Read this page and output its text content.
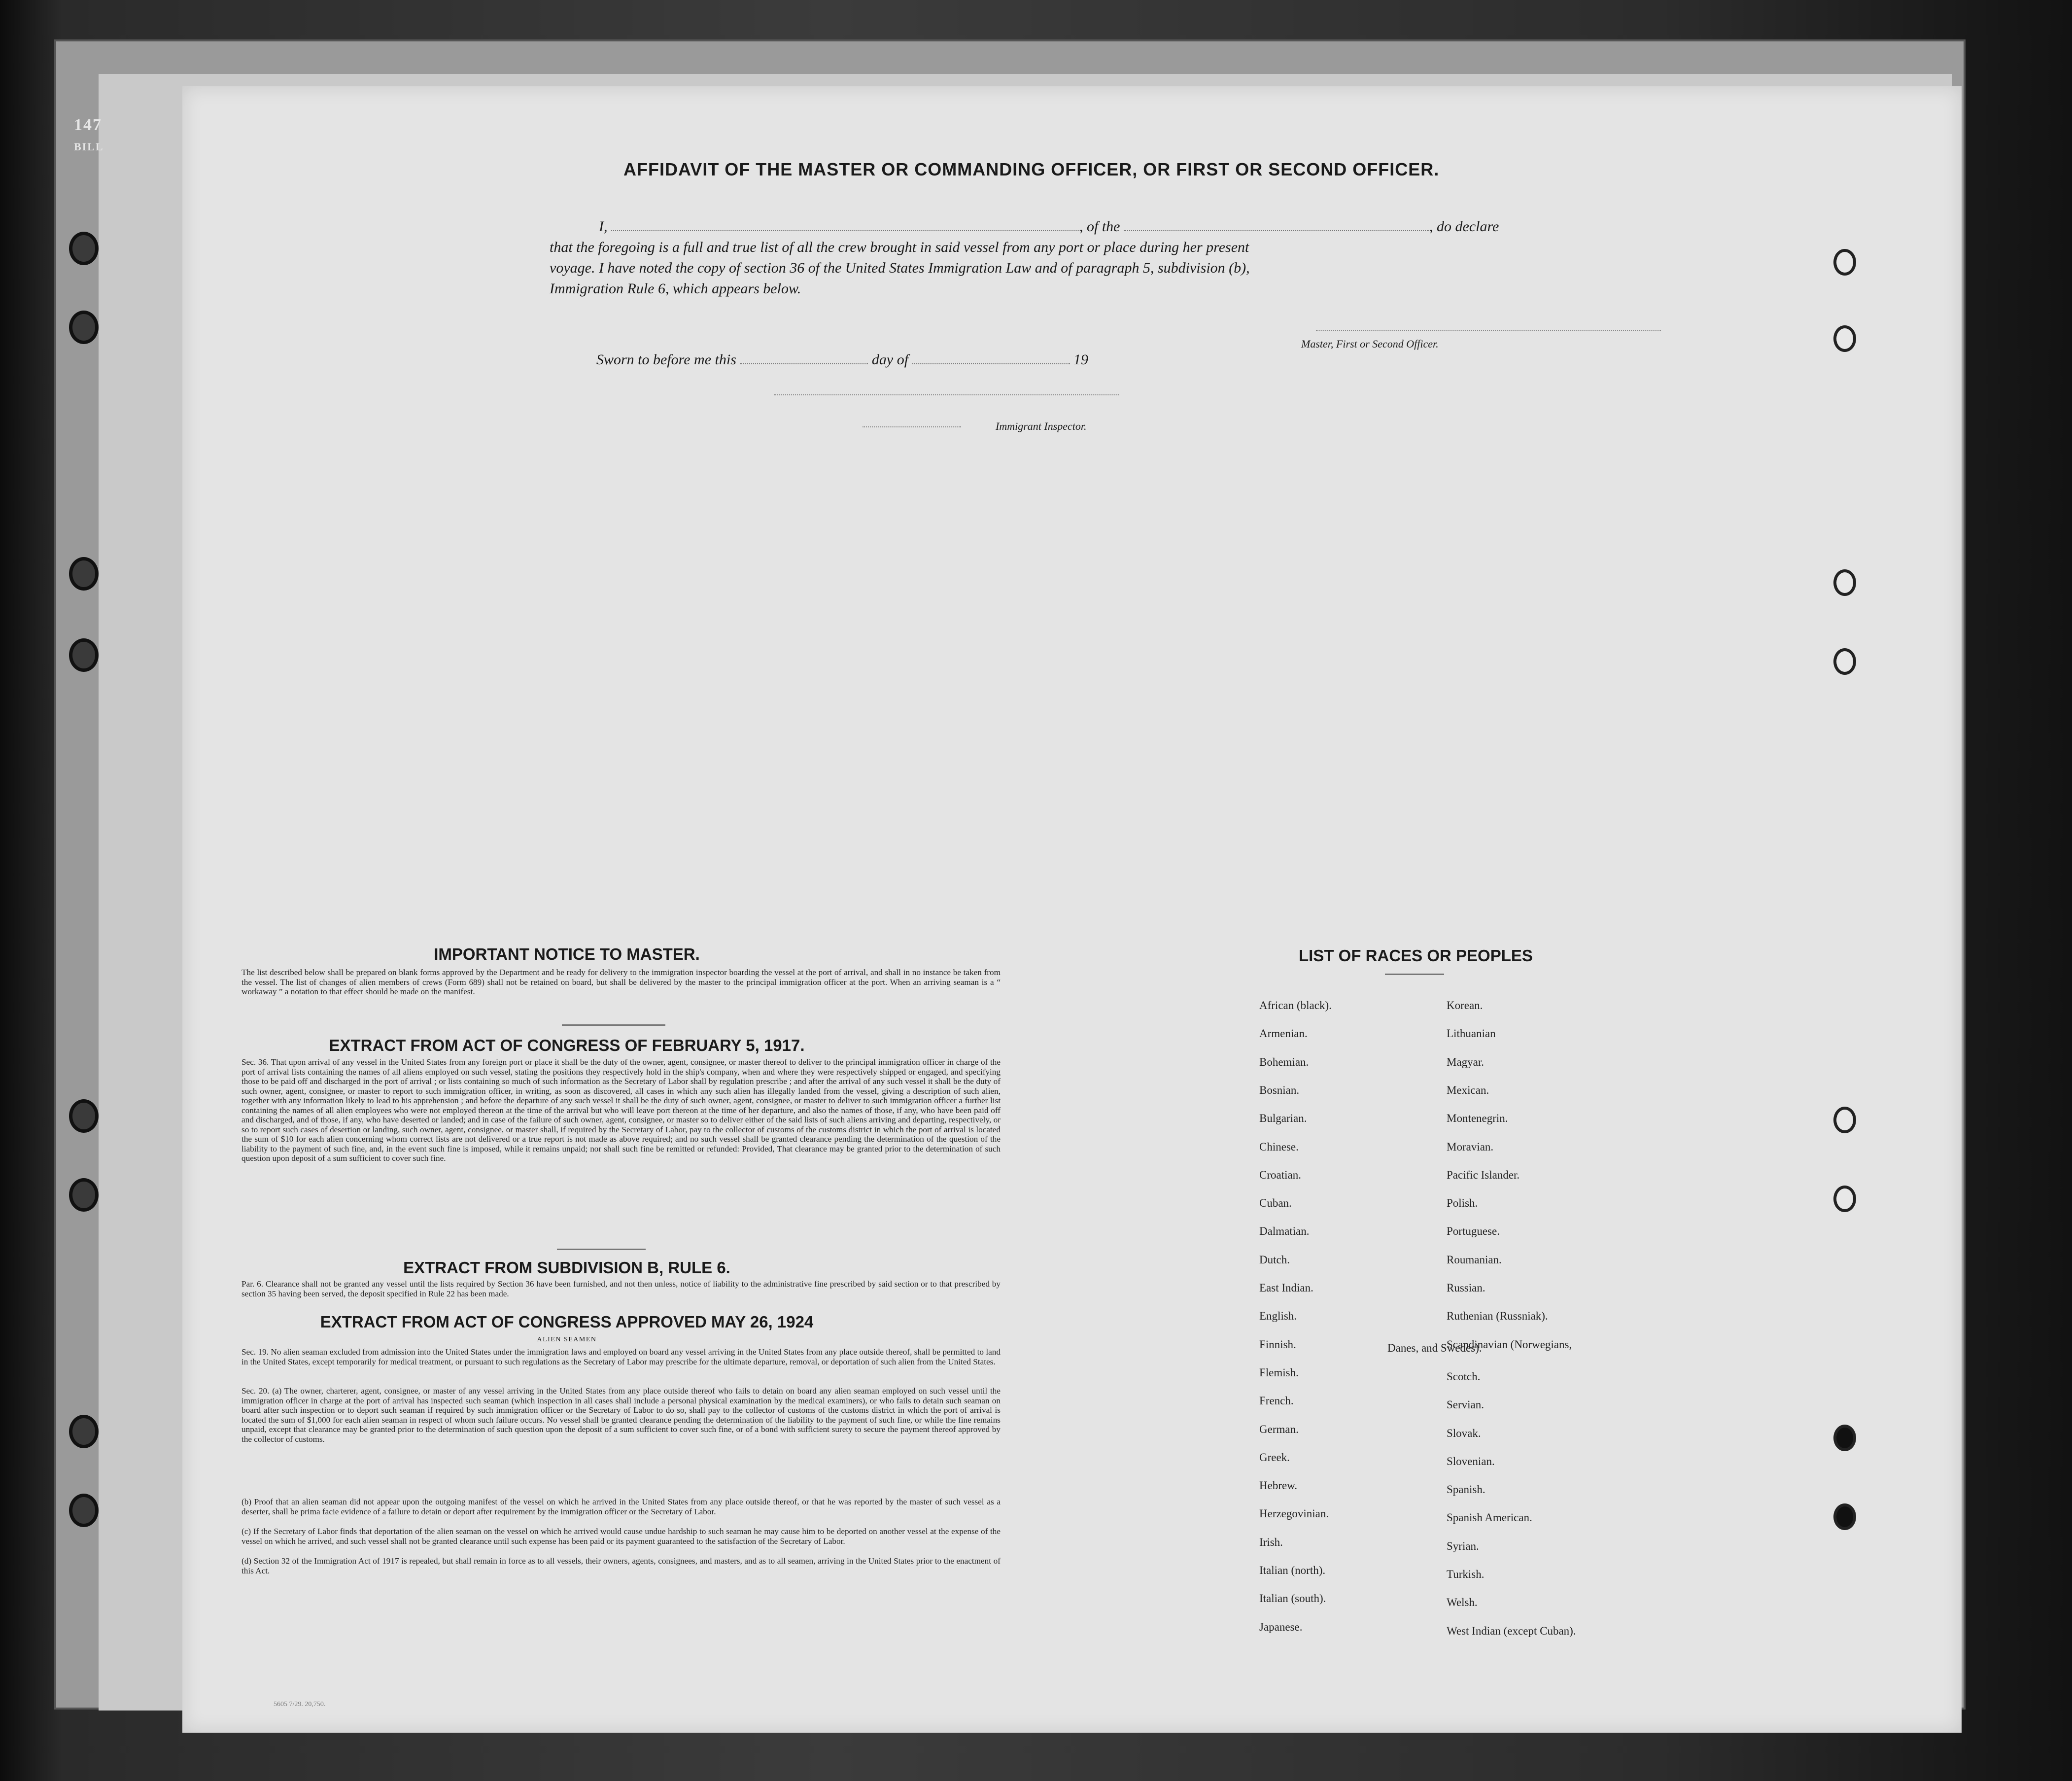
147
BILL
AFFIDAVIT OF THE MASTER OR COMMANDING OFFICER, OR FIRST OR SECOND OFFICER.
I,	, of the	, do declare
that the foregoing is a full and true list of all the crew brought in said vessel from any port or place during her present
voyage. I have noted the copy of section 36 of the United States Immigration Law and of paragraph 5, subdivision (b),
Immigration Rule 6, which appears below.
Master, First or Second Officer.
Sworn to before me this	day of	19
Immigrant Inspector.
IMPORTANT NOTICE TO MASTER.
The list described below shall be prepared on blank forms approved by the Department and be ready for delivery to the immigration inspector boarding the vessel at the port of arrival, and shall in no instance be taken from the vessel. The list of changes of alien members of crews (Form 689) shall not be retained on board, but shall be delivered by the master to the principal immigration officer at the port. When an arriving seaman is a “ workaway ” a notation to that effect should be made on the manifest.
EXTRACT FROM ACT OF CONGRESS OF FEBRUARY 5, 1917.
Sec. 36. That upon arrival of any vessel in the United States from any foreign port or place it shall be the duty of the owner, agent, consignee, or master thereof to deliver to the principal immigration officer in charge of the port of arrival lists containing the names of all aliens employed on such vessel, stating the positions they respectively hold in the ship's company, when and where they were respectively shipped or engaged, and specifying those to be paid off and discharged in the port of arrival ; or lists containing so much of such information as the Secretary of Labor shall by regulation prescribe ; and after the arrival of any such vessel it shall be the duty of such owner, agent, consignee, or master to report to such immigration officer, in writing, as soon as discovered, all cases in which any such alien has illegally landed from the vessel, giving a description of such alien, together with any information likely to lead to his apprehension ; and before the departure of any such vessel it shall be the duty of such owner, agent, consignee, or master to deliver to such immigration officer a further list containing the names of all alien employees who were not employed thereon at the time of the arrival but who will leave port thereon at the time of her departure, and also the names of those, if any, who have been paid off and discharged, and of those, if any, who have deserted or landed; and in case of the failure of such owner, agent, consignee, or master so to deliver either of the said lists of such aliens arriving and departing, respectively, or so to report such cases of desertion or landing, such owner, agent, consignee, or master shall, if required by the Secretary of Labor, pay to the collector of customs of the customs district in which the port of arrival is located the sum of $10 for each alien concerning whom correct lists are not delivered or a true report is not made as above required; and no such vessel shall be granted clearance pending the determination of the question of the liability to the payment of such fine, and, in the event such fine is imposed, while it remains unpaid; nor shall such fine be remitted or refunded: Provided, That clearance may be granted prior to the determination of such question upon deposit of a sum sufficient to cover such fine.
EXTRACT FROM SUBDIVISION B, RULE 6.
Par. 6. Clearance shall not be granted any vessel until the lists required by Section 36 have been furnished, and not then unless, notice of liability to the administrative fine prescribed by said section or to that prescribed by section 35 having been served, the deposit specified in Rule 22 has been made.
EXTRACT FROM ACT OF CONGRESS APPROVED MAY 26, 1924
ALIEN SEAMEN
Sec. 19. No alien seaman excluded from admission into the United States under the immigration laws and employed on board any vessel arriving in the United States from any place outside thereof, shall be permitted to land in the United States, except temporarily for medical treatment, or pursuant to such regulations as the Secretary of Labor may prescribe for the ultimate departure, removal, or deportation of such alien from the United States.
Sec. 20. (a) The owner, charterer, agent, consignee, or master of any vessel arriving in the United States from any place outside thereof who fails to detain on board any alien seaman employed on such vessel until the immigration officer in charge at the port of arrival has inspected such seaman (which inspection in all cases shall include a personal physical examination by the medical examiners), or who fails to detain such seaman on board after such inspection or to deport such seaman if required by such immigration officer or the Secretary of Labor to do so, shall pay to the collector of customs of the customs district in which the port of arrival is located the sum of $1,000 for each alien seaman in respect of whom such failure occurs. No vessel shall be granted clearance pending the determination of the liability to the payment of such fine, or while the fine remains unpaid, except that clearance may be granted prior to the determination of such question upon the deposit of a sum sufficient to cover such fine, or of a bond with sufficient surety to secure the payment thereof approved by the collector of customs.
(b) Proof that an alien seaman did not appear upon the outgoing manifest of the vessel on which he arrived in the United States from any place outside thereof, or that he was reported by the master of such vessel as a deserter, shall be prima facie evidence of a failure to detain or deport after requirement by the immigration officer or the Secretary of Labor.
(c) If the Secretary of Labor finds that deportation of the alien seaman on the vessel on which he arrived would cause undue hardship to such seaman he may cause him to be deported on another vessel at the expense of the vessel on which he arrived, and such vessel shall not be granted clearance until such expense has been paid or its payment guaranteed to the satisfaction of the Secretary of Labor.
(d) Section 32 of the Immigration Act of 1917 is repealed, but shall remain in force as to all vessels, their owners, agents, consignees, and masters, and as to all seamen, arriving in the United States prior to the enactment of this Act.
LIST OF RACES OR PEOPLES
Danes, and Swedes).
5605 7/29. 20,750.
African (black).
Armenian.
Bohemian.
Bosnian.
Bulgarian.
Chinese.
Croatian.
Cuban.
Dalmatian.
Dutch.
East Indian.
English.
Finnish.
Flemish.
French.
German.
Greek.
Hebrew.
Herzegovinian.
Irish.
Italian (north).
Italian (south).
Japanese.
Korean.
Lithuanian
Magyar.
Mexican.
Montenegrin.
Moravian.
Pacific Islander.
Polish.
Portuguese.
Roumanian.
Russian.
Ruthenian (Russniak).
Scandinavian (Norwegians,
Scotch.
Servian.
Slovak.
Slovenian.
Spanish.
Spanish American.
Syrian.
Turkish.
Welsh.
West Indian (except Cuban).
